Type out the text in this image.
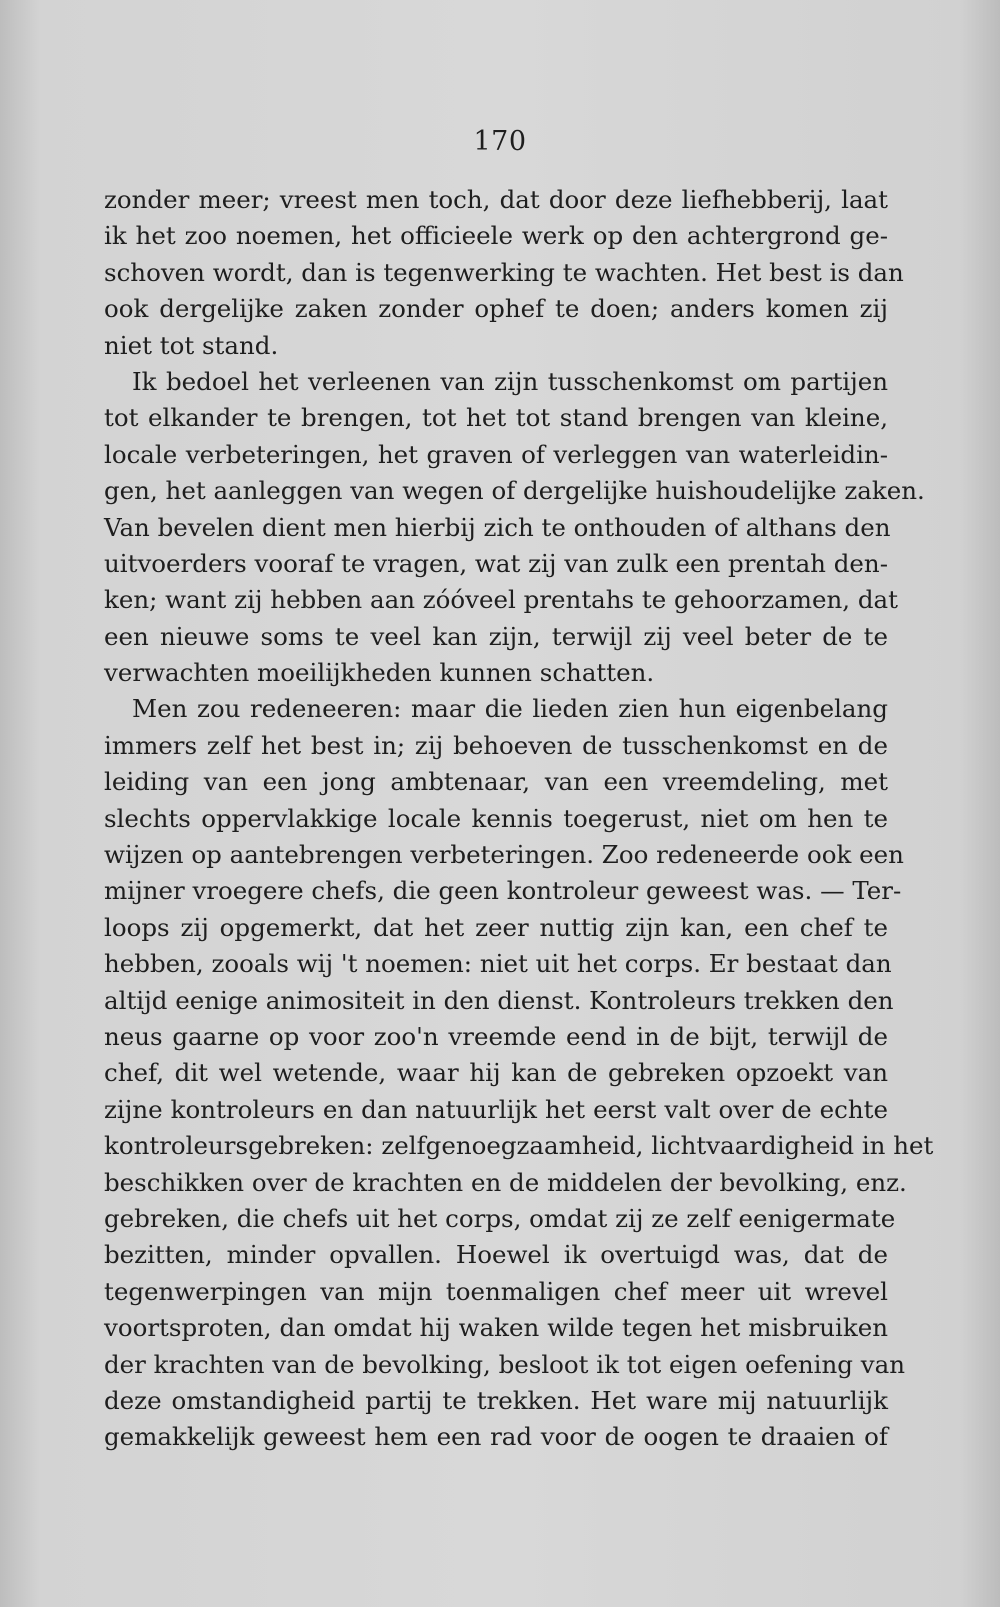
170
zonder meer; vreest men toch, dat door deze liefhebberij, laat
ik het zoo noemen, het officieele werk op den achtergrond ge-
schoven wordt, dan is tegenwerking te wachten. Het best is dan
ook dergelijke zaken zonder ophef te doen; anders komen zij
niet tot stand.
Ik bedoel het verleenen van zijn tusschenkomst om partijen
tot elkander te brengen, tot het tot stand brengen van kleine,
locale verbeteringen, het graven of verleggen van waterleidin-
gen, het aanleggen van wegen of dergelijke huishoudelijke zaken.
Van bevelen dient men hierbij zich te onthouden of althans den
uitvoerders vooraf te vragen, wat zij van zulk een prentah den-
ken; want zij hebben aan zóóveel prentahs te gehoorzamen, dat
een nieuwe soms te veel kan zijn, terwijl zij veel beter de te
verwachten moeilijkheden kunnen schatten.
Men zou redeneeren: maar die lieden zien hun eigenbelang
immers zelf het best in; zij behoeven de tusschenkomst en de
leiding van een jong ambtenaar, van een vreemdeling, met
slechts oppervlakkige locale kennis toegerust, niet om hen te
wijzen op aantebrengen verbeteringen. Zoo redeneerde ook een
mijner vroegere chefs, die geen kontroleur geweest was. — Ter-
loops zij opgemerkt, dat het zeer nuttig zijn kan, een chef te
hebben, zooals wij 't noemen: niet uit het corps. Er bestaat dan
altijd eenige animositeit in den dienst. Kontroleurs trekken den
neus gaarne op voor zoo'n vreemde eend in de bijt, terwijl de
chef, dit wel wetende, waar hij kan de gebreken opzoekt van
zijne kontroleurs en dan natuurlijk het eerst valt over de echte
kontroleursgebreken: zelfgenoegzaamheid, lichtvaardigheid in het
beschikken over de krachten en de middelen der bevolking, enz.
gebreken, die chefs uit het corps, omdat zij ze zelf eenigermate
bezitten, minder opvallen. Hoewel ik overtuigd was, dat de
tegenwerpingen van mijn toenmaligen chef meer uit wrevel
voortsproten, dan omdat hij waken wilde tegen het misbruiken
der krachten van de bevolking, besloot ik tot eigen oefening van
deze omstandigheid partij te trekken. Het ware mij natuurlijk
gemakkelijk geweest hem een rad voor de oogen te draaien of
